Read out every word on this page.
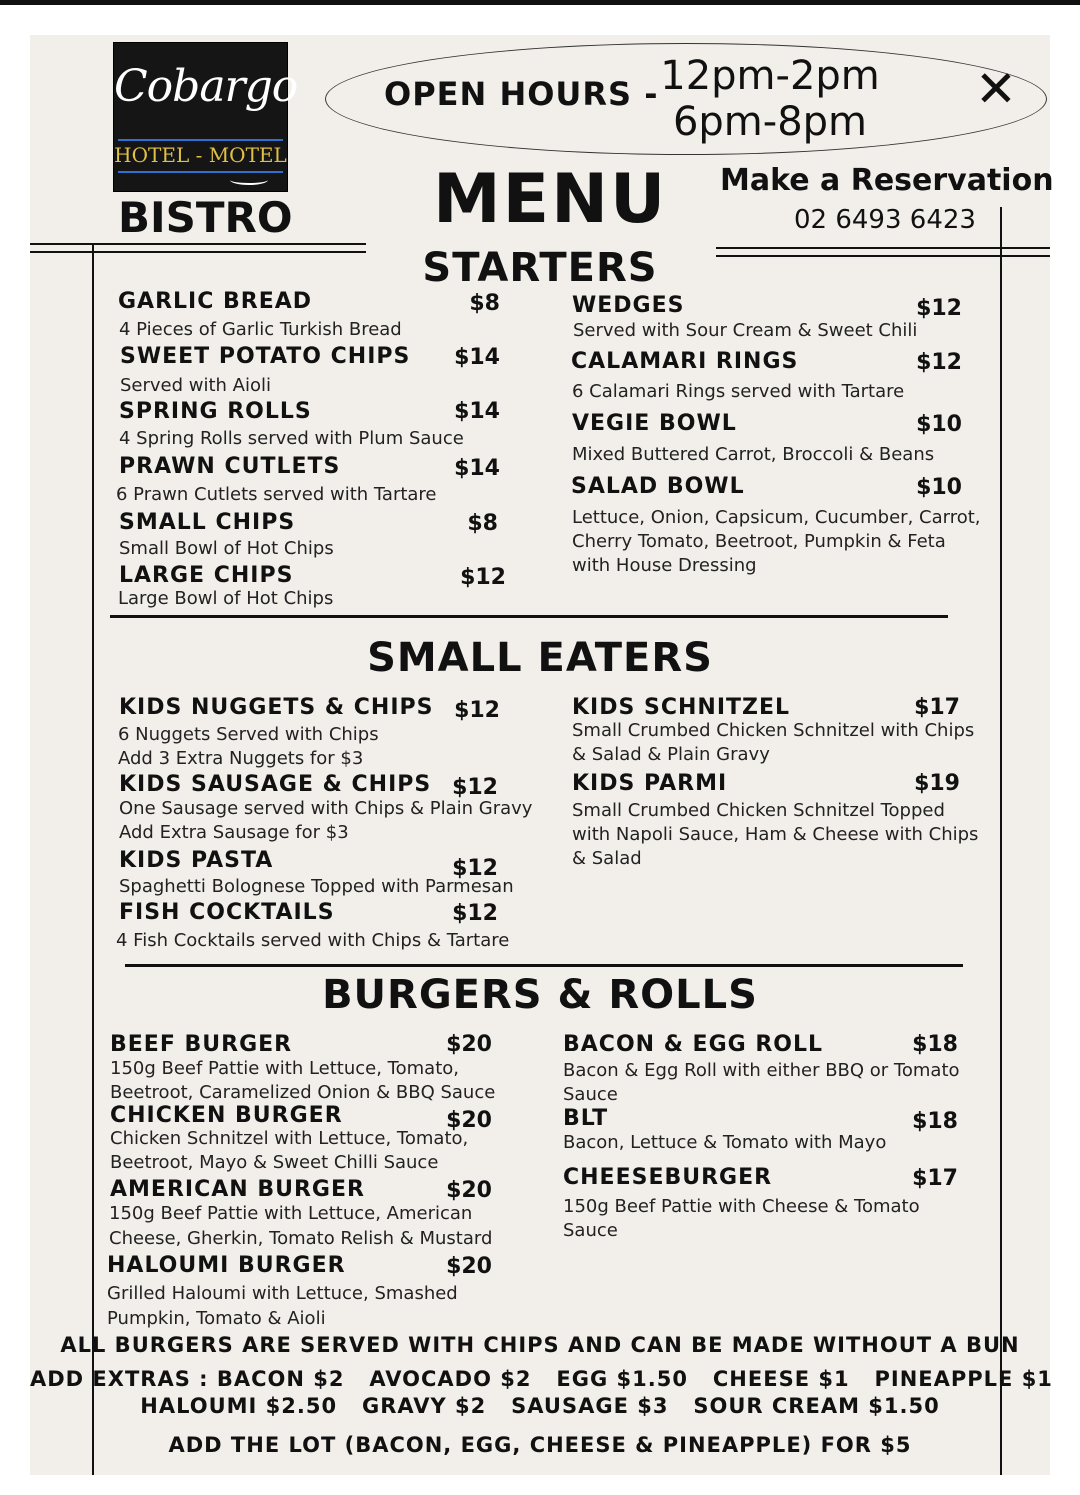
Cobargo
HOTEL - MOTEL
BISTRO
OPEN HOURS - 12pm-2pm
6pm-8pm
✕
MENU Make a Reservation
02 6493 6423
STARTERS
GARLIC BREAD	$8
4 Pieces of Garlic Turkish Bread
SWEET POTATO CHIPS $14
Served with Aioli
SPRING ROLLS	$14
4 Spring Rolls served with Plum Sauce
PRAWN CUTLETS	$14
6 Prawn Cutlets served with Tartare
SMALL CHIPS	$8
Small Bowl of Hot Chips
LARGE CHIPS	$12
Large Bowl of Hot Chips
WEDGES	$12
Served with Sour Cream & Sweet Chili
CALAMARI RINGS	$12
6 Calamari Rings served with Tartare
VEGIE BOWL	$10
Mixed Buttered Carrot, Broccoli & Beans
SALAD BOWL	$10
Lettuce, Onion, Capsicum, Cucumber, Carrot,
Cherry Tomato, Beetroot, Pumpkin & Feta
with House Dressing
SMALL EATERS
KIDS NUGGETS & CHIPS $12
6 Nuggets Served with Chips
Add 3 Extra Nuggets for $3
KIDS SAUSAGE & CHIPS $12
One Sausage served with Chips & Plain Gravy
Add Extra Sausage for $3
KIDS PASTA	$12
Spaghetti Bolognese Topped with Parmesan
FISH COCKTAILS	$12
4 Fish Cocktails served with Chips & Tartare
KIDS SCHNITZEL	$17
Small Crumbed Chicken Schnitzel with Chips
& Salad & Plain Gravy
KIDS PARMI	$19
Small Crumbed Chicken Schnitzel Topped
with Napoli Sauce, Ham & Cheese with Chips
& Salad
BURGERS & ROLLS
BEEF BURGER	$20
150g Beef Pattie with Lettuce, Tomato,
Beetroot, Caramelized Onion & BBQ Sauce
CHICKEN BURGER	$20
Chicken Schnitzel with Lettuce, Tomato,
Beetroot, Mayo & Sweet Chilli Sauce
AMERICAN BURGER	$20
150g Beef Pattie with Lettuce, American
Cheese, Gherkin, Tomato Relish & Mustard
HALOUMI BURGER	$20
Grilled Haloumi with Lettuce, Smashed
Pumpkin, Tomato & Aioli
BACON & EGG ROLL	$18
Bacon & Egg Roll with either BBQ or Tomato
Sauce
BLT	$18
Bacon, Lettuce & Tomato with Mayo
CHEESEBURGER	$17
150g Beef Pattie with Cheese & Tomato
Sauce
ALL BURGERS ARE SERVED WITH CHIPS AND CAN BE MADE WITHOUT A BUN
ADD EXTRAS : BACON $2   AVOCADO $2   EGG $1.50   CHEESE $1   PINEAPPLE $1
HALOUMI $2.50   GRAVY $2   SAUSAGE $3   SOUR CREAM $1.50
ADD THE LOT (BACON, EGG, CHEESE & PINEAPPLE) FOR $5
